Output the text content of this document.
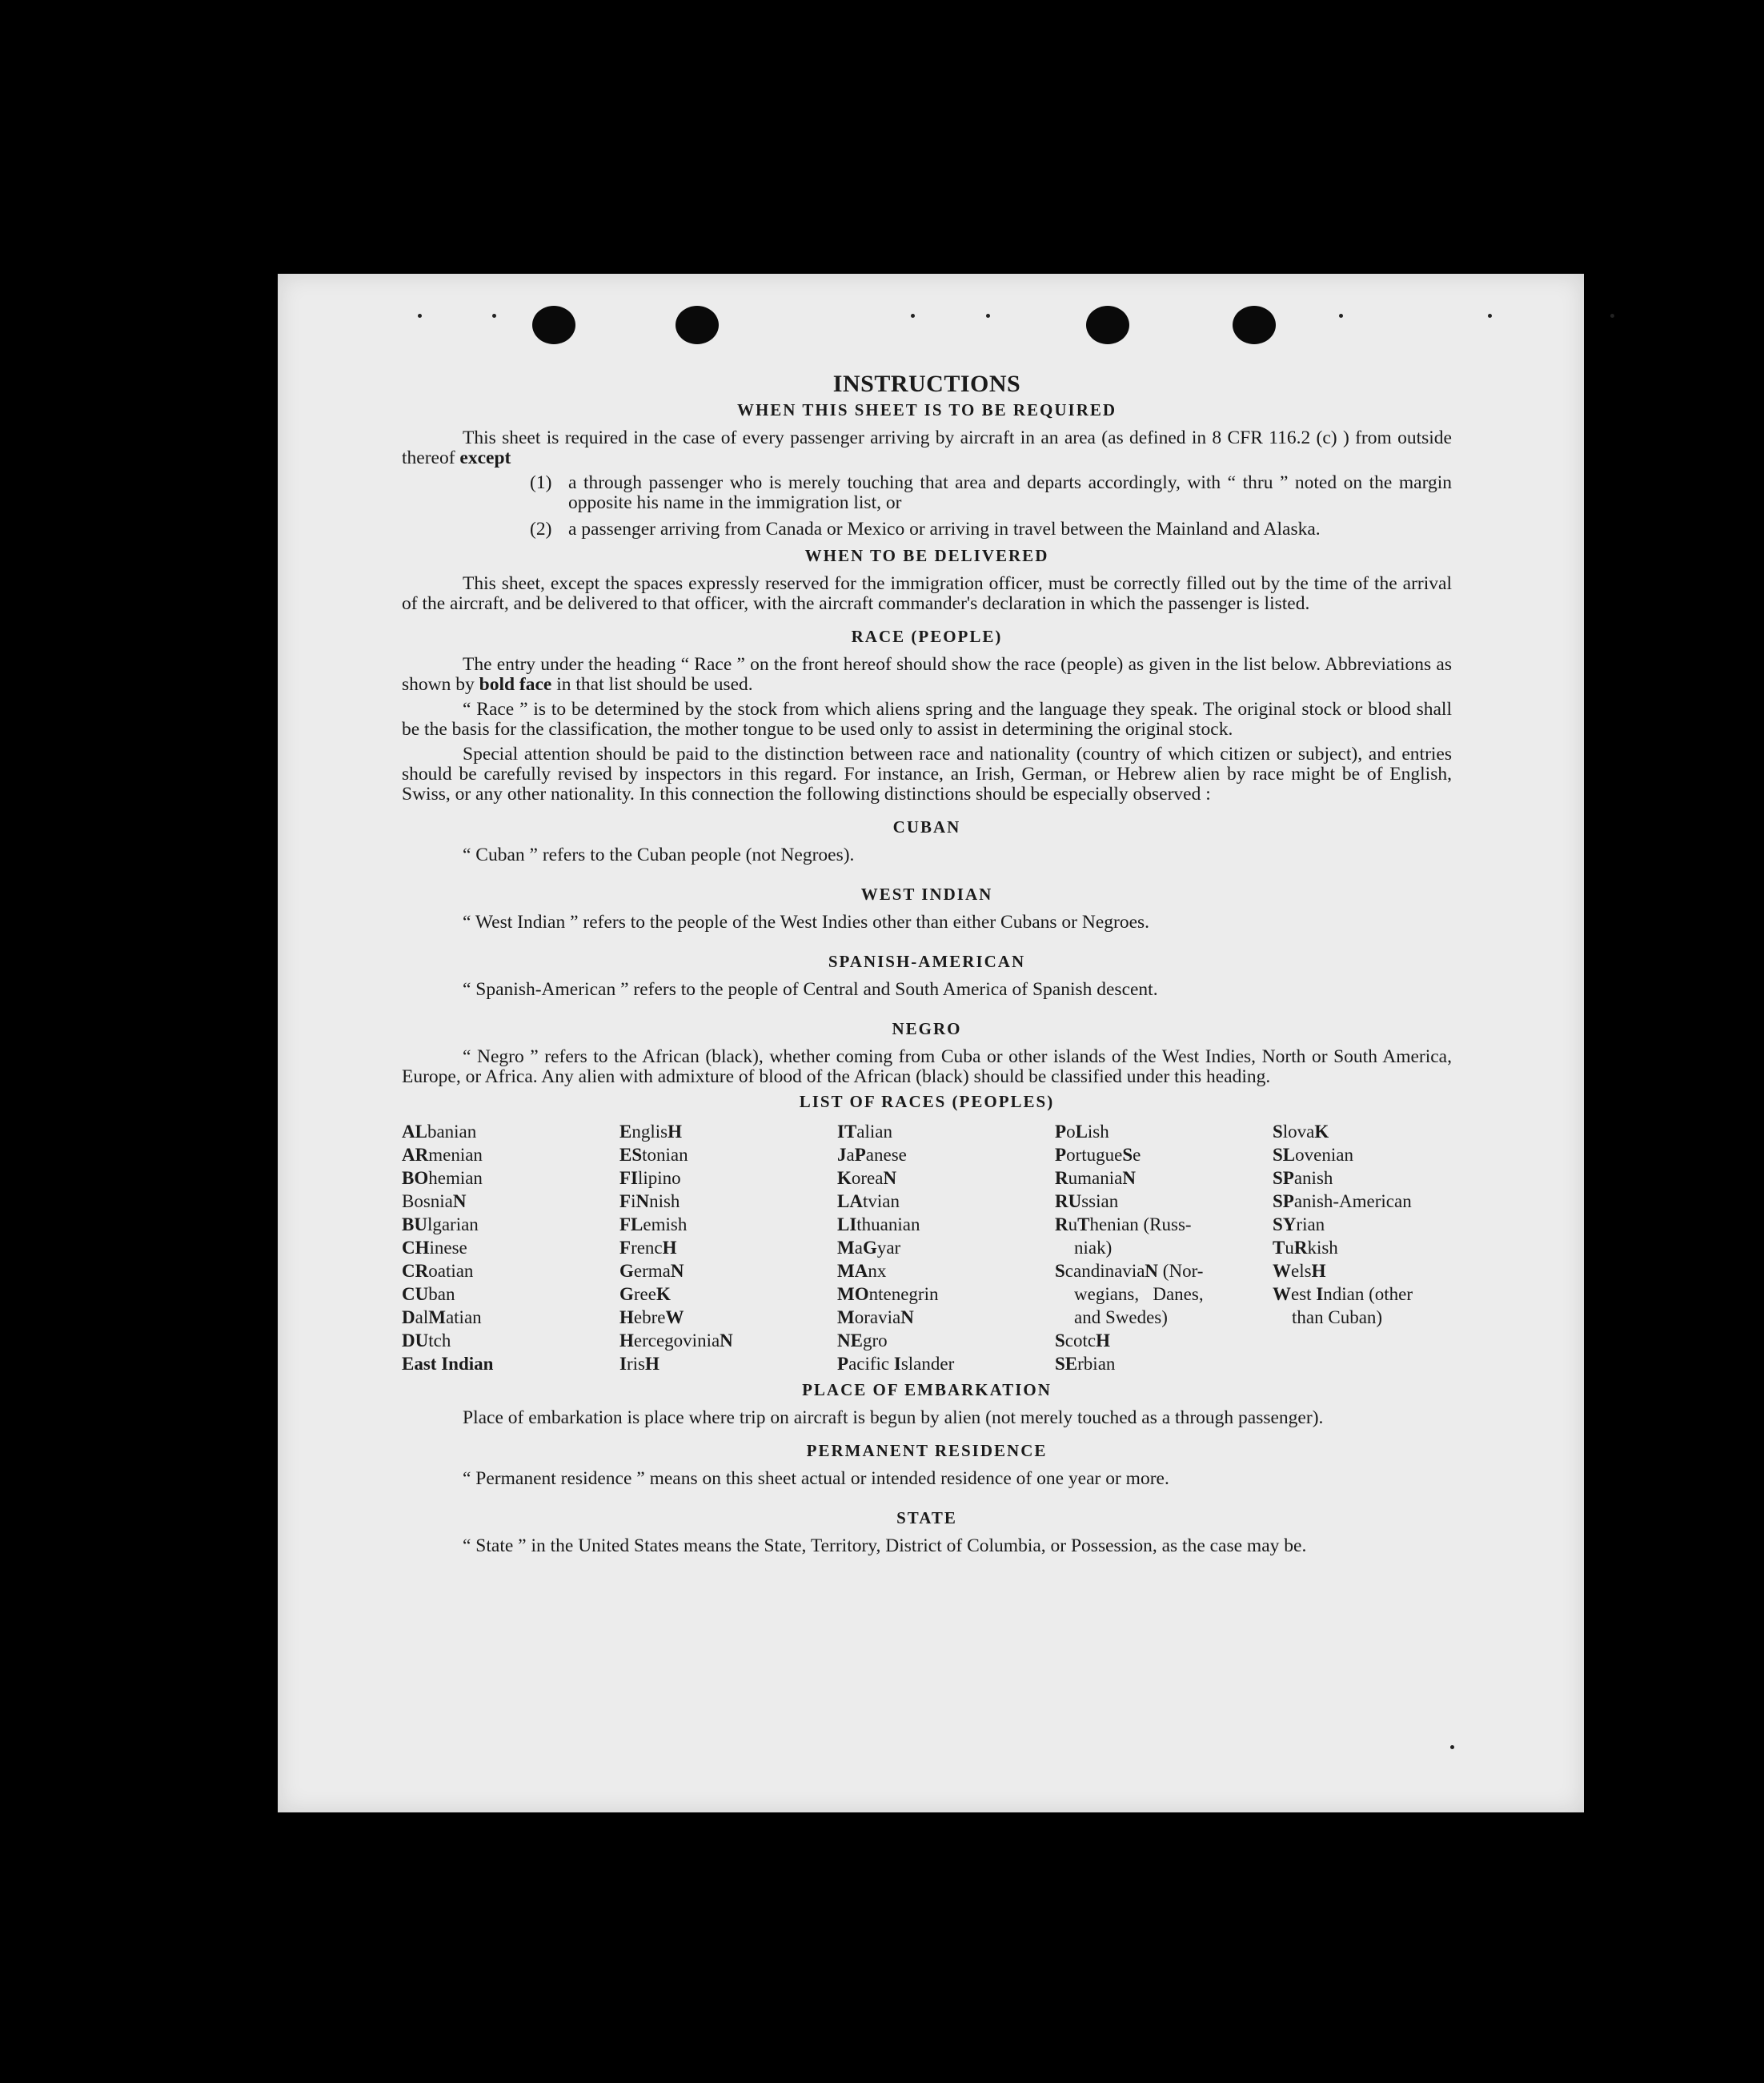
INSTRUCTIONS
WHEN THIS SHEET IS TO BE REQUIRED
This sheet is required in the case of every passenger arriving by aircraft in an area (as defined in 8 CFR 116.2 (c) ) from outside thereof except
(1) a through passenger who is merely touching that area and departs accordingly, with “ thru ” noted on the margin opposite his name in the immigration list, or
(2) a passenger arriving from Canada or Mexico or arriving in travel between the Mainland and Alaska.
WHEN TO BE DELIVERED
This sheet, except the spaces expressly reserved for the immigration officer, must be correctly filled out by the time of the arrival of the aircraft, and be delivered to that officer, with the aircraft commander's declaration in which the passenger is listed.
RACE (PEOPLE)
The entry under the heading “ Race ” on the front hereof should show the race (people) as given in the list below. Abbreviations as shown by bold face in that list should be used.
“ Race ” is to be determined by the stock from which aliens spring and the language they speak. The original stock or blood shall be the basis for the classification, the mother tongue to be used only to assist in determining the original stock.
Special attention should be paid to the distinction between race and nationality (country of which citizen or subject), and entries should be carefully revised by inspectors in this regard. For instance, an Irish, German, or Hebrew alien by race might be of English, Swiss, or any other nationality. In this connection the following distinctions should be especially observed :
CUBAN
“ Cuban ” refers to the Cuban people (not Negroes).
WEST INDIAN
“ West Indian ” refers to the people of the West Indies other than either Cubans or Negroes.
SPANISH-AMERICAN
“ Spanish-American ” refers to the people of Central and South America of Spanish descent.
NEGRO
“ Negro ” refers to the African (black), whether coming from Cuba or other islands of the West Indies, North or South America, Europe, or Africa. Any alien with admixture of blood of the African (black) should be classified under this heading.
LIST OF RACES (PEOPLES)
ALbanian
ARmenian
BOhemian
BosniaN
BUlgarian
CHinese
CRoatian
CUban
DalMatian
DUtch
East Indian
EnglisH
EStonian
FIlipino
FiNnish
FLemish
FrencH
GermaN
GreeK
HebreW
HercegoviniaN
IrisH
ITalian
JaPanese
KoreaN
LAtvian
LIthuanian
MaGyar
MAnx
MOntenegrin
MoraviaN
NEgro
Pacific Islander
PoLish
PortugueSe
RumaniaN
RUssian
RuThenian (Russ-
niak)
ScandinaviaN (Nor-
wegians,   Danes,
and Swedes)
ScotcH
SErbian
SlovaK
SLovenian
SPanish
SPanish-American
SYrian
TuRkish
WelsH
West Indian (other
than Cuban)
PLACE OF EMBARKATION
Place of embarkation is place where trip on aircraft is begun by alien (not merely touched as a through passenger).
PERMANENT RESIDENCE
“ Permanent residence ” means on this sheet actual or intended residence of one year or more.
STATE
“ State ” in the United States means the State, Territory, District of Columbia, or Possession, as the case may be.
